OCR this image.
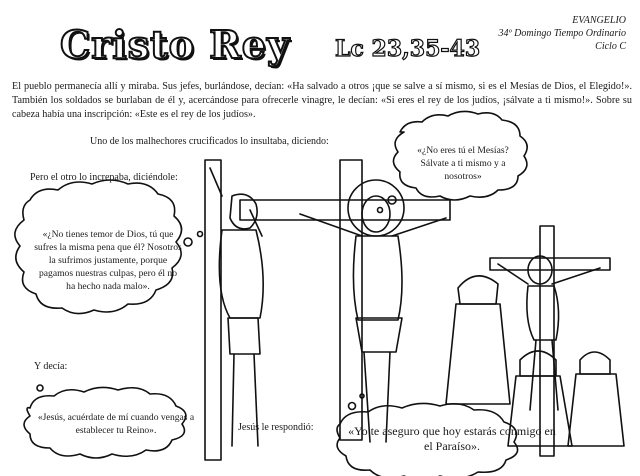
Cristo Rey Lc 23,35-43
EVANGELIO
34º Domingo Tiempo Ordinario
Ciclo C
El pueblo permanecía allí y miraba. Sus jefes, burlándose, decían: «Ha salvado a otros ¡que se salve a sí mismo, si es el Mesías de Dios, el Elegido!». También los soldados se burlaban de él y, acercándose para ofrecerle vinagre, le decían: «Si eres el rey de los judíos, ¡sálvate a ti mismo!». Sobre su cabeza había una inscripción: «Este es el rey de los judíos».
Uno de los malhechores crucificados lo insultaba, diciendo:
Pero el otro lo increpaba, diciéndole:
Y decía:
Jesús le respondió:
«¿No eres tú el Mesías? Sálvate a ti mismo y a nosotros»
«¿No tienes temor de Dios, tú que sufres la misma pena que él? Nosotros la sufrimos justamente, porque pagamos nuestras culpas, pero él no ha hecho nada malo».
«Jesús, acuérdate de mí cuando vengas a establecer tu Reino».	«Yo te aseguro que hoy estarás conmigo en el Paraíso».
